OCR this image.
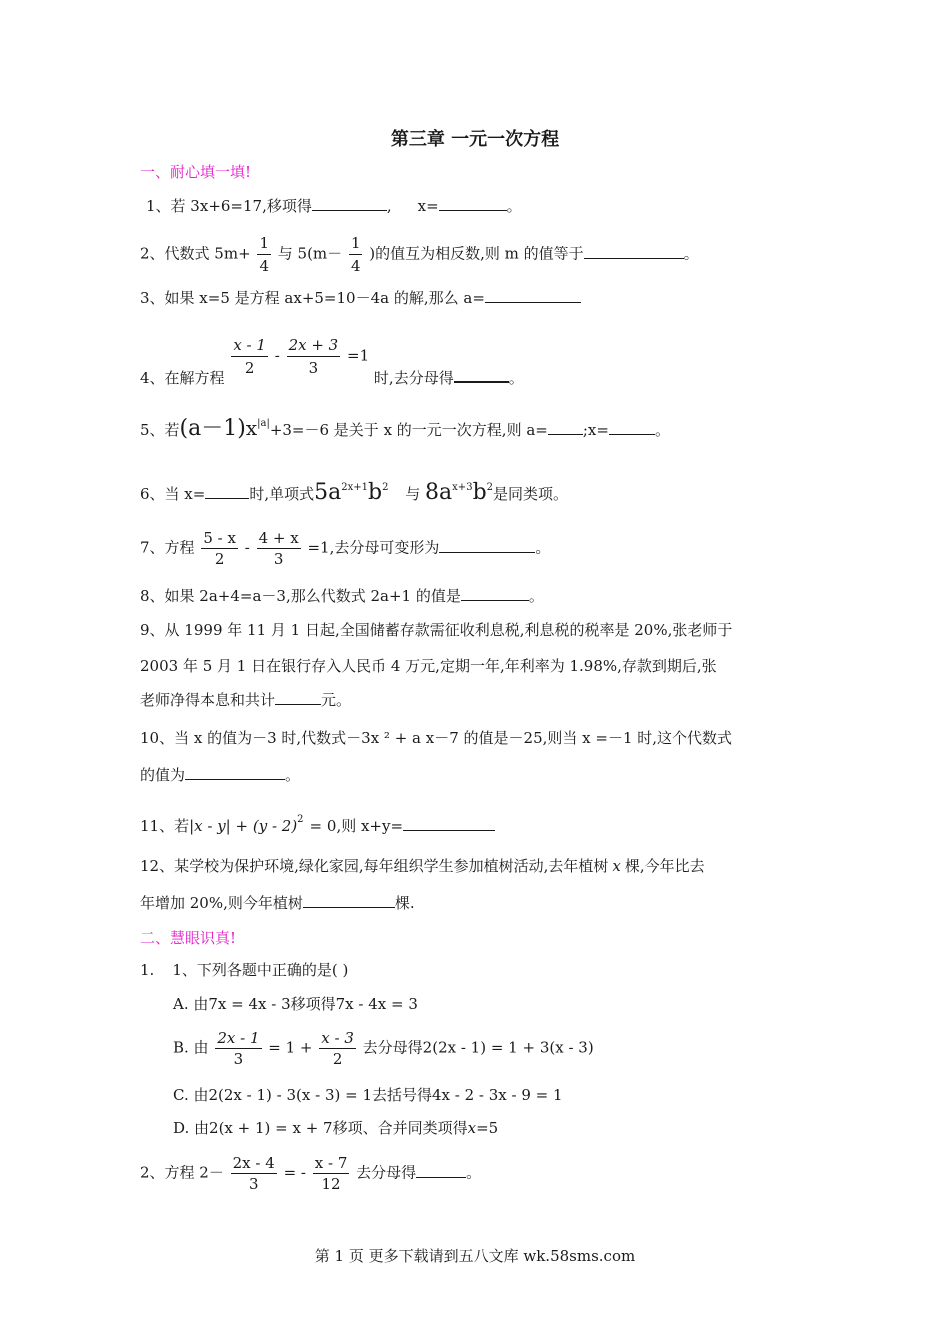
第三章 一元一次方程
一、耐心填一填!
1、若 3x+6=17,移项得	, x=	。
2、代数式 $5m+ \frac{1}{4}$ 与 $5(m- \frac{1}{4}$ )的值互为相反数,则 m 的值等于	。
3、如果 x=5 是方程 ax+5=10－4a 的解,那么 a=
4、在解方程 $\frac{x - 1}{2} - \frac{2x + 3}{3} =1$ 时,去分母得	。
5、若$(a-1)x^{|a|}+3=-6$ 是关于 x 的一元一次方程,则 a= ;x=	。
6、当 x=	时,单项式$5a^{2x+1}b^2$ 与 $8a^{x+3}b^2$是同类项。
7、方程 $\frac{5 - x}{2} - \frac{4 + x}{3} =1$,去分母可变形为	。
8、如果 2a+4=a－3,那么代数式 2a+1 的值是	。
9、从 1999 年 11 月 1 日起,全国储蓄存款需征收利息税,利息税的税率是 20%,张老师于
2003 年 5 月 1 日在银行存入人民币 4 万元,定期一年,年利率为 1.98%,存款到期后,张
老师净得本息和共计	元。
10、当 x 的值为－3 时,代数式－3x ² + a x－7 的值是－25,则当 x =－1 时,这个代数式
的值为	。
11、若|x - y| + (y - 2)$^2$ = 0,则 x+y=
12、某学校为保护环境,绿化家园,每年组织学生参加植树活动,去年植树 x 棵,今年比去
年增加 20%,则今年植树	棵.
二、慧眼识真!
1. 1、下列各题中正确的是( )
A. 由7x = 4x - 3移项得7x - 4x = 3
B. 由 $\frac{2x - 1}{3} = 1 + \frac{x - 3}{2}$ 去分母得2(2x - 1) = 1 + 3(x - 3)
C. 由2(2x - 1) - 3(x - 3) = 1去括号得4x - 2 - 3x - 9 = 1
D. 由2(x + 1) = x + 7移项、合并同类项得x=5
2、方程 $2- \frac{2x - 4}{3}$ = - $\frac{x - 7}{12}$ 去分母得	。
第 1 页 更多下载请到五八文库 wk.58sms.com
